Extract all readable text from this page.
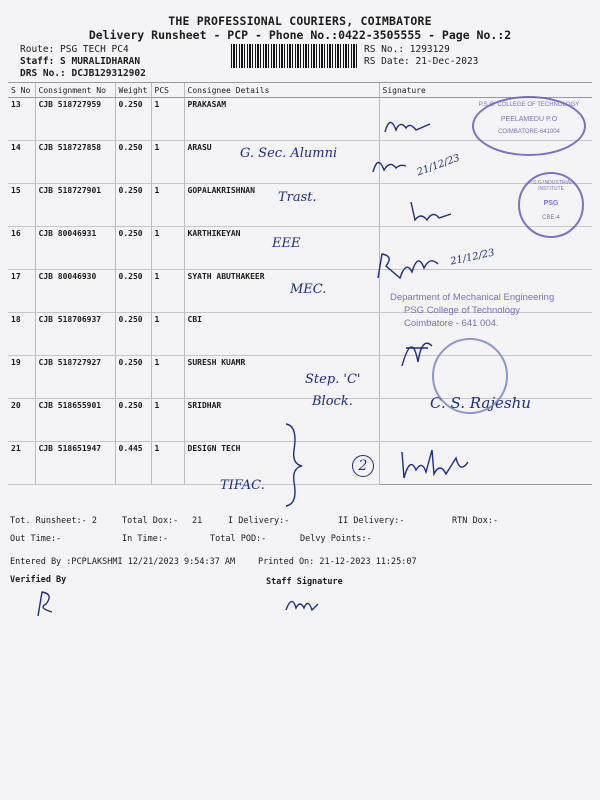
THE PROFESSIONAL COURIERS, COIMBATORE
Delivery Runsheet - PCP - Phone No.:0422-3505555 - Page No.:2
Route: PSG TECH PC4
Staff: S MURALIDHARAN
DRS No.: DCJB129312902
RS No.: 1293129
RS Date: 21-Dec-2023
S No	Consignment No	Weight	PCS	Consignee Details	Signature
13	CJB 518727959	0.250	1	PRAKASAM	
14	CJB 518727858	0.250	1	ARASU	
15	CJB 518727901	0.250	1	GOPALAKRISHNAN	
16	CJB 80046931	0.250	1	KARTHIKEYAN	
17	CJB 80046930	0.250	1	SYATH ABUTHAKEER	
18	CJB 518706937	0.250	1	CBI	
19	CJB 518727927	0.250	1	SURESH KUAMR	
20	CJB 518655901	0.250	1	SRIDHAR	
21	CJB 518651947	0.445	1	DESIGN TECH	
G. Sec. Alumni	21/12/23
Trast.
EEE
21/12/23
MEC.
Step. 'C'
Block.	C. S. Rajeshu
TIFAC.
2
P.S.G. COLLEGE OF TECHNOLOGY
PEELAMEDU P.O
COIMBATORE-641004
P.S.G INDUSTRIAL INSTITUTE
PSG
CBE-4
Department of Mechanical Engineering
PSG College of Technology
Coimbatore - 641 004.
Tot. Runsheet:- 2	Total Dox:- 21	I Delivery:-	II Delivery:-	RTN Dox:-
Out Time:-	In Time:-	Total POD:-	Delvy Points:-
Entered By :PCPLAKSHMI 12/21/2023 9:54:37 AM	Printed On: 21-12-2023 11:25:07
Verified By	Staff Signature
